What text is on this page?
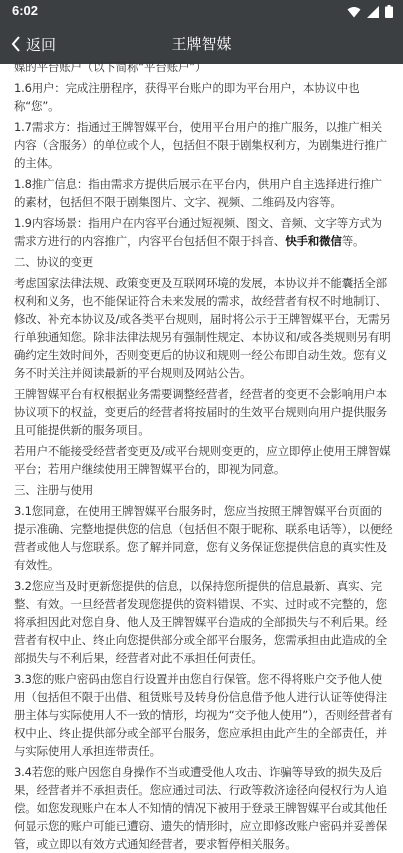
6:02
返回	王牌智媒

媒的平台账户（以下简称“平台账户”）

1.6用户：完成注册程序，获得平台账户的即为平台用户，本协议中也称“您”。

1.7需求方：指通过王牌智媒平台，使用平台用户的推广服务，以推广相关内容（含服务）的单位或个人，包括但不限于剧集权利方，为剧集进行推广的主体。

1.8推广信息：指由需求方提供后展示在平台内，供用户自主选择进行推广的素材，包括但不限于剧集图片、文字、视频、二维码及内容等。

1.9内容场景：指用户在内容平台通过短视频、图文、音频、文字等方式为需求方进行的内容推广，内容平台包括但不限于抖音、快手和微信等。

二、协议的变更

考虑国家法律法规、政策变更及互联网环境的发展，本协议并不能囊括全部权利和义务，也不能保证符合未来发展的需求，故经营者有权不时地制订、修改、补充本协议及/或各类平台规则，届时将公示于王牌智媒平台，无需另行单独通知您。除非法律法规另有强制性规定、本协议和/或各类规则另有明确约定生效时间外，否则变更后的协议和规则一经公布即自动生效。您有义务不时关注并阅读最新的平台规则及网站公告。

王牌智媒平台有权根据业务需要调整经营者，经营者的变更不会影响用户本协议项下的权益，变更后的经营者将按届时的生效平台规则向用户提供服务且可能提供新的服务项目。

若用户不能接受经营者变更及/或平台规则变更的，应立即停止使用王牌智媒平台；若用户继续使用王牌智媒平台的，即视为同意。

三、注册与使用

3.1您同意，在使用王牌智媒平台服务时，您应当按照王牌智媒平台页面的提示准确、完整地提供您的信息（包括但不限于昵称、联系电话等），以便经营者或他人与您联系。您了解并同意，您有义务保证您提供信息的真实性及有效性。

3.2您应当及时更新您提供的信息，以保持您所提供的信息最新、真实、完整、有效。一旦经营者发现您提供的资料错误、不实、过时或不完整的，您将承担因此对您自身、他人及王牌智媒平台造成的全部损失与不利后果。经营者有权中止、终止向您提供部分或全部平台服务，您需承担由此造成的全部损失与不利后果，经营者对此不承担任何责任。

3.3您的账户密码由您自行设置并由您自行保管。您不得将账户交予他人使用（包括但不限于出借、租赁账号及转身份信息借予他人进行认证等使得注册主体与实际使用人不一致的情形，均视为“交予他人使用”），否则经营者有权中止、终止提供部分或全部平台服务，您应承担由此产生的全部责任，并与实际使用人承担连带责任。

3.4若您的账户因您自身操作不当或遭受他人攻击、诈骗等导致的损失及后果，经营者并不承担责任。您应通过司法、行政等救济途径向侵权行为人追偿。如您发现账户在本人不知情的情况下被用于登录王牌智媒平台或其他任何显示您的账户可能已遭窃、遗失的情形时，应立即修改账户密码并妥善保管，或立即以有效方式通知经营者，要求暂停相关服务。
